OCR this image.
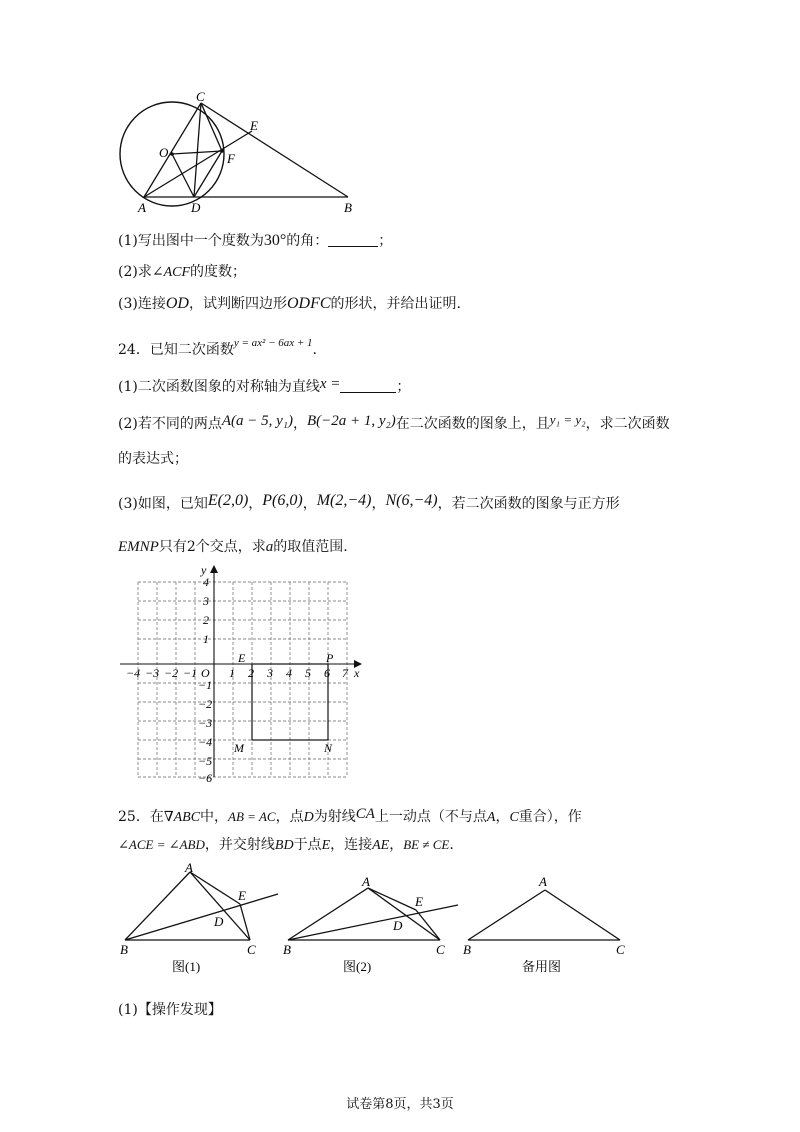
C
E
O	F
A	D	B
(1)写出图中一个度数为30°的角：	；
(2)求∠ACF的度数；
(3)连接OD，试判断四边形ODFC的形状，并给出证明.
24．已知二次函数$^{y = ax^2 - 6ax + 1}$.
(1)二次函数图象的对称轴为直线x =	；
(2)若不同的两点A(a − 5, y₁)，B(−2a + 1, y₂)在二次函数的图象上，且y₁ = y₂，求二次函数
的表达式；
(3)如图，已知E(2,0)，P(6,0)，M(2,−4)，N(6,−4)，若二次函数的图象与正方形
EMNP只有2个交点，求a的取值范围.
−4 −3 −2 −1 O 1 2 3 4 5 6 7 x
y
4
3
2
1
−1
−2
−3
−4
−5
−6
E	P
M	N
25．在∇ABC中，AB = AC，点D为射线CA上一动点（不与点A，C重合），作
∠ACE = ∠ABD，并交射线BD于点E，连接AE，BE ≠ CE.
A
E
D
B	C
A
E
D
B	C
A
B	C
图(1)	图(2)	备用图
(1)【操作发现】
试卷第8页，共3页
